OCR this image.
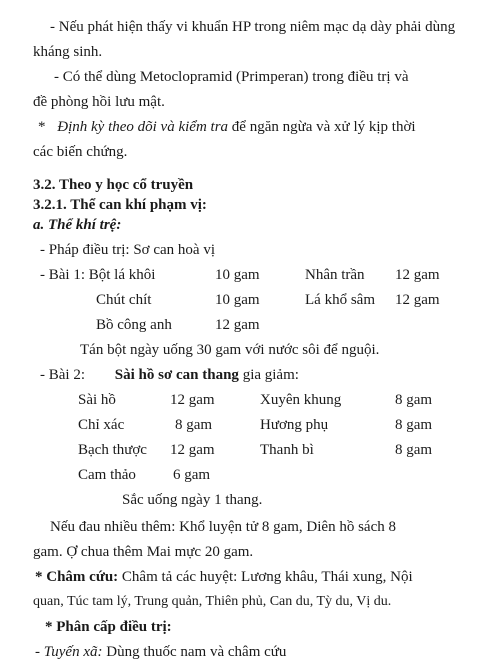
- Nếu phát hiện thấy vi khuẩn HP trong niêm mạc dạ dày phải dùng
kháng sinh.
- Có thể dùng Metoclopramid (Primperan) trong điều trị và
đề phòng hồi lưu mật.
* Định kỳ theo dõi và kiểm tra để ngăn ngừa và xử lý kịp thời
các biến chứng.
3.2. Theo y học cổ truyền
3.2.1. Thể can khí phạm vị:
a. Thể khí trệ:
- Pháp điều trị: Sơ can hoà vị
- Bài 1: Bột lá khôi	10 gam	Nhân trần 12 gam
Chút chít	10 gam	Lá khổ sâm 12 gam
Bồ công anh	12 gam
Tán bột ngày uống 30 gam với nước sôi để nguội.
- Bài 2: Sài hồ sơ can thang gia giảm:
Sài hồ	12 gam	Xuyên khung	8 gam
Chỉ xác	8 gam	Hương phụ	8 gam
Bạch thược 12 gam	Thanh bì	8 gam
Cam thảo 6 gam
Sắc uống ngày 1 thang.
Nếu đau nhiều thêm: Khổ luyện tử 8 gam, Diên hồ sách 8
gam. Ợ chua thêm Mai mực 20 gam.
* Châm cứu: Châm tả các huyệt: Lương khâu, Thái xung, Nội
quan, Túc tam lý, Trung quản, Thiên phủ, Can du, Tỳ du, Vị du.
* Phân cấp điều trị:
- Tuyến xã: Dùng thuốc nam và châm cứu
